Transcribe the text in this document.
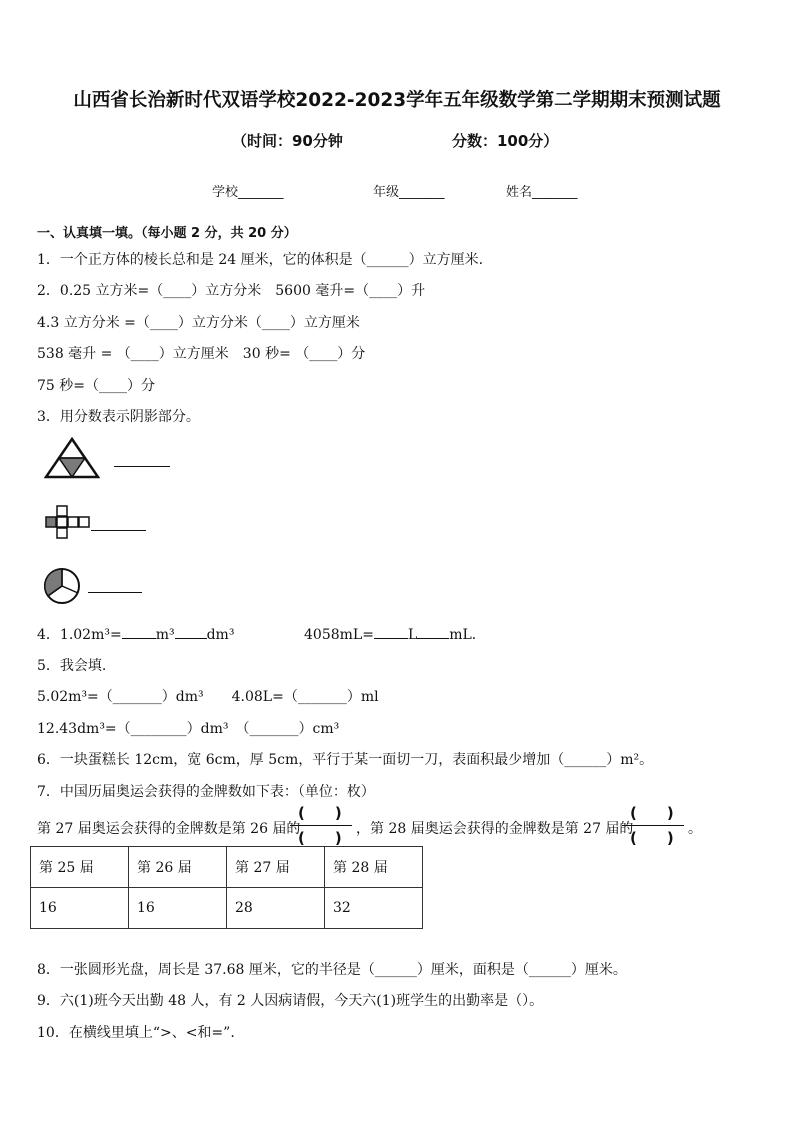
山西省长治新时代双语学校2022-2023学年五年级数学第二学期期末预测试题
（时间：90分钟	分数：100分）
学校_______	年级_______	姓名_______
一、认真填一填。（每小题 2 分，共 20 分）
1．一个正方体的棱长总和是 24 厘米，它的体积是（______）立方厘米.
2．0.25 立方米=（____）立方分米　5600 毫升=（____）升
4.3 立方分米 =（____）立方分米（____）立方厘米
538 毫升 = （____）立方厘米　30 秒= （____）分
75 秒=（____）分
3．用分数表示阴影部分。
4．1.02m³= m³ dm³	4058mL= L mL．
5．我会填.
5.02m³=（_______）dm³　　4.08L=（_______）ml
12.43dm³=（________）dm³　（_______）cm³
6．一块蛋糕长 12cm，宽 6cm，厚 5cm，平行于某一面切一刀，表面积最少增加（______）m²。
7．中国历届奥运会获得的金牌数如下表：（单位：枚）
第 27 届奥运会获得的金牌数是第 26 届的
(　　)
(　　) ，第 28 届奥运会获得的金牌数是第 27 届的
(　　)
(　　) 。
第 25 届	第 26 届	第 27 届	第 28 届
16	16	28	32
8．一张圆形光盘，周长是 37.68 厘米，它的半径是（______）厘米，面积是（______）厘米。
9．六(1)班今天出勤 48 人，有 2 人因病请假，今天六(1)班学生的出勤率是（）。
10．在横线里填上“>、<和=”.
